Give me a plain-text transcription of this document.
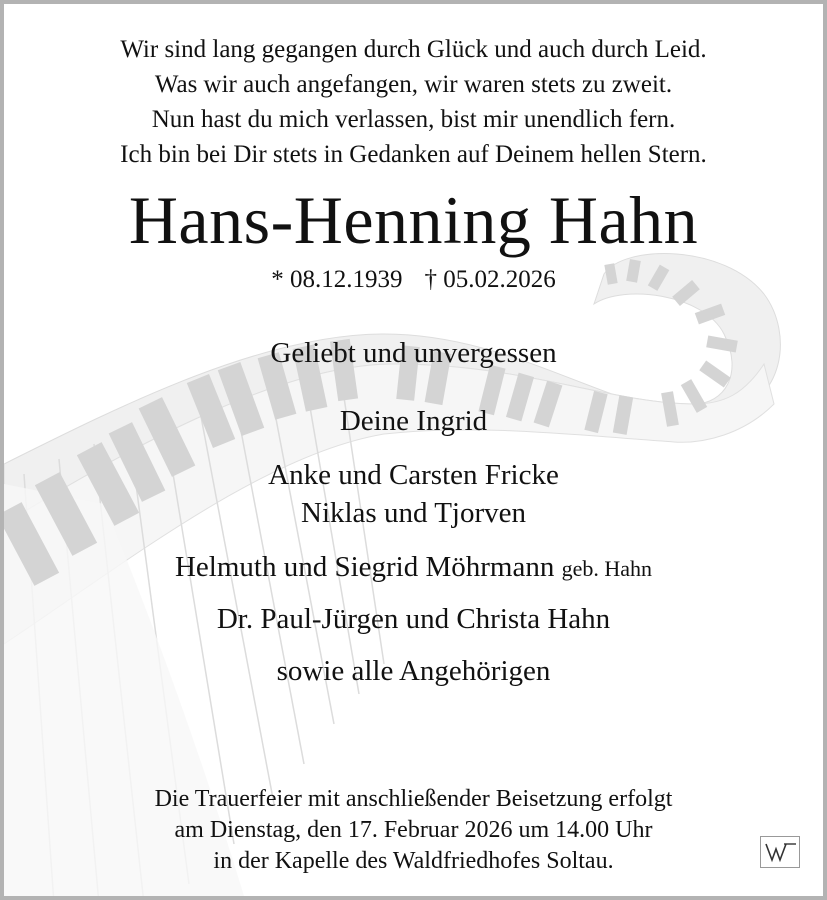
Wir sind lang gegangen durch Glück und auch durch Leid.
Was wir auch angefangen, wir waren stets zu zweit.
Nun hast du mich verlassen, bist mir unendlich fern.
Ich bin bei Dir stets in Gedanken auf Deinem hellen Stern.
Hans-Henning Hahn
* 08.12.1939 † 05.02.2026
Geliebt und unvergessen
Deine Ingrid
Anke und Carsten Fricke
Niklas und Tjorven
Helmuth und Siegrid Möhrmann geb. Hahn
Dr. Paul-Jürgen und Christa Hahn
sowie alle Angehörigen
Die Trauerfeier mit anschließender Beisetzung erfolgt
am Dienstag, den 17. Februar 2026 um 14.00 Uhr
in der Kapelle des Waldfriedhofes Soltau.
